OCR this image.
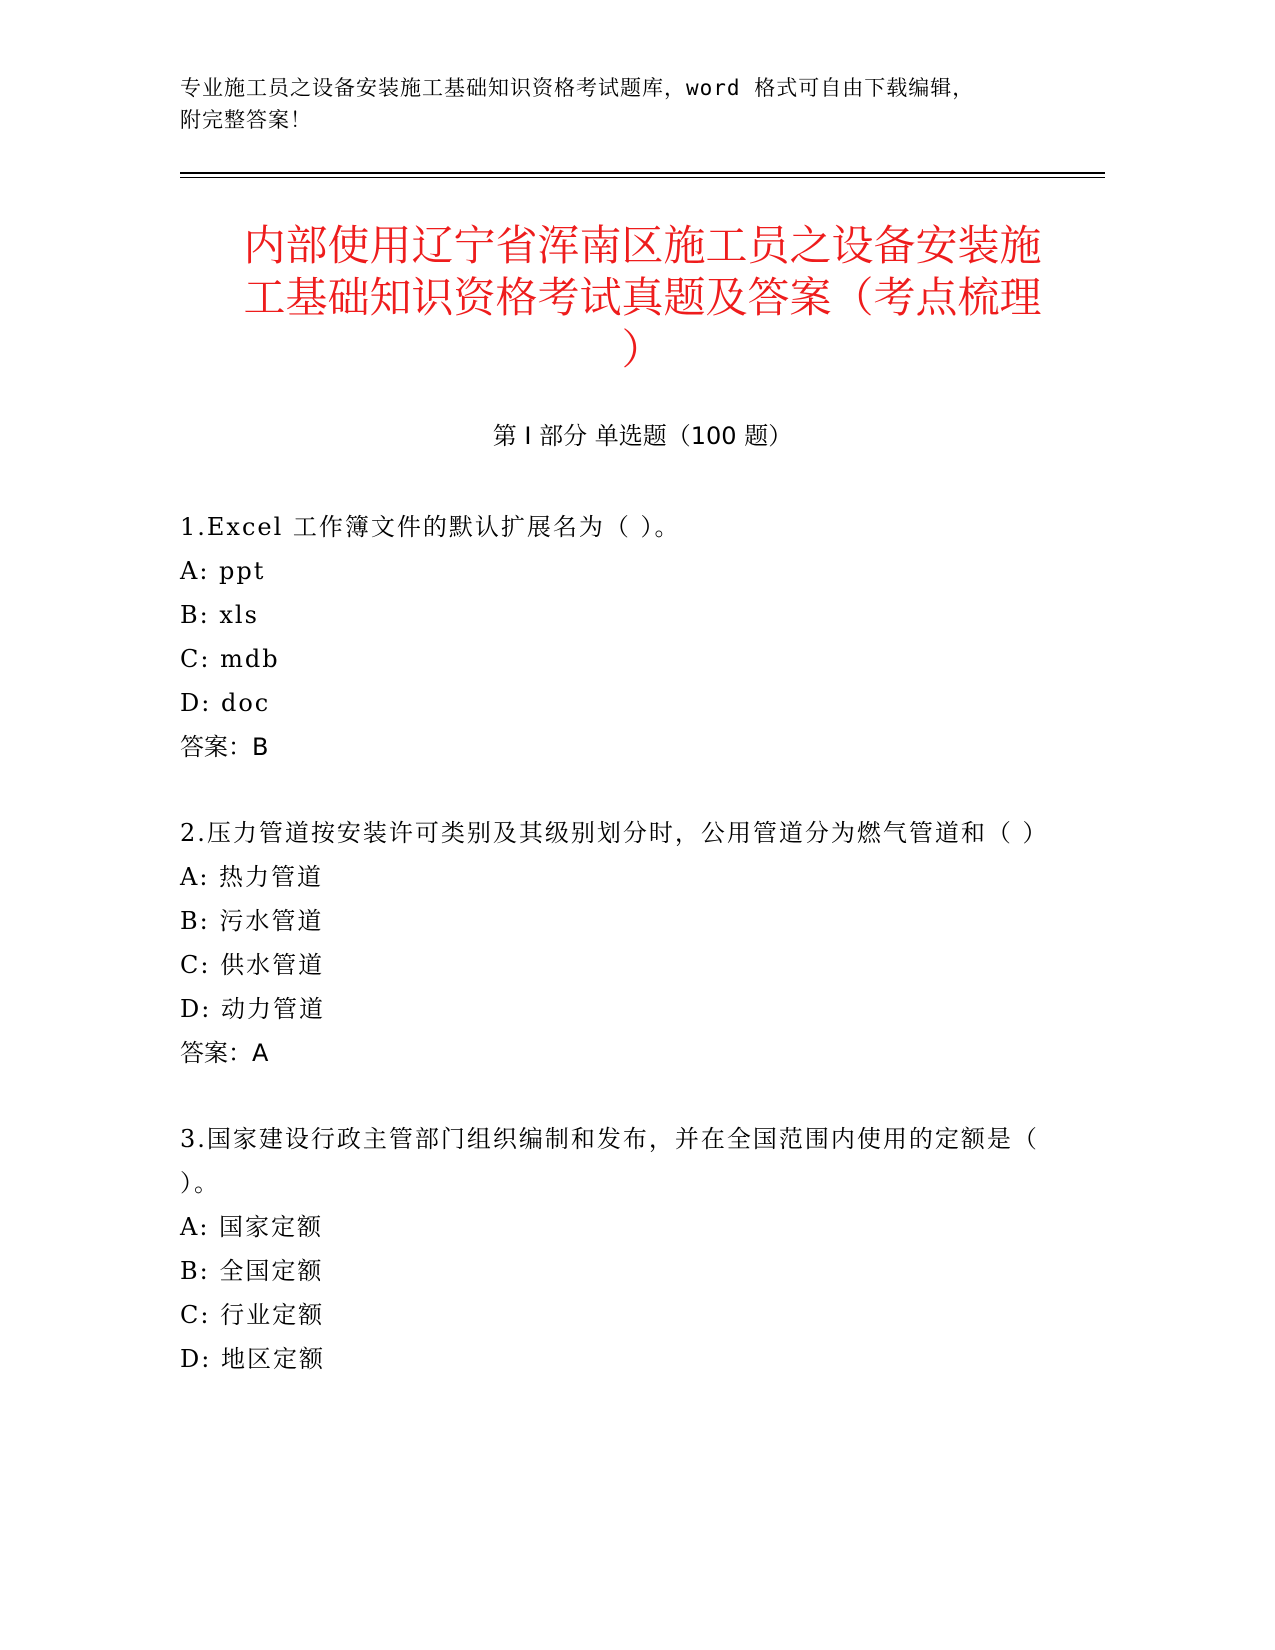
专业施工员之设备安装施工基础知识资格考试题库，word 格式可自由下载编辑，
附完整答案！
内部使用辽宁省浑南区施工员之设备安装施
工基础知识资格考试真题及答案（考点梳理
）
第 I 部分 单选题（100 题）
1.Excel 工作簿文件的默认扩展名为（ ）。
A: ppt
B: xls
C: mdb
D: doc
答案：B
2.压力管道按安装许可类别及其级别划分时，公用管道分为燃气管道和（ ）
A: 热力管道
B: 污水管道
C: 供水管道
D: 动力管道
答案：A
3.国家建设行政主管部门组织编制和发布，并在全国范围内使用的定额是（ ）。
A: 国家定额
B: 全国定额
C: 行业定额
D: 地区定额
